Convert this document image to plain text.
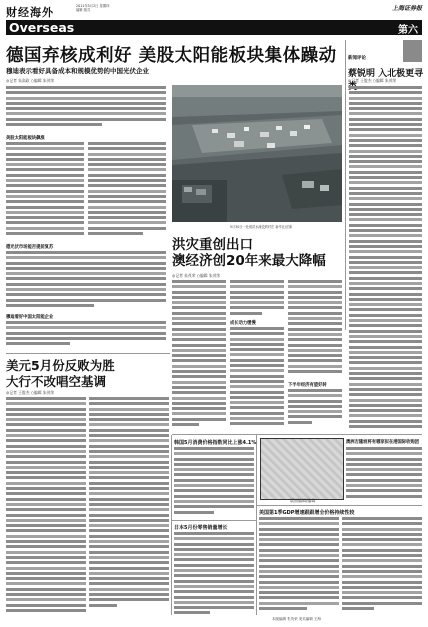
财经海外	2011年5月2日 星期四
编辑 版式	上海证券报
Overseas	第六
德国弃核成利好 美股太阳能板块集体躁动
穆迪表示看好具备成本和规模优势的中国光伏企业
◎记者 朱高政 ○编辑 朱茂荣
美股太阳能板块飙涨
德光伏市场能否提前复苏
穆迪看好中国太阳能企业
5月30日一处被洪水淹没的村庄 新华社/法新
洪灾重创出口
澳经济创20年来最大降幅
◎记者 朱茂荣 ○编辑 朱茂荣
成长动力缓慢
下半年经济有望好转
新闻评论
蔡锐明 入北极更寻
◎记者 王俊杰 ○编辑 朱茂荣
美元5月份反败为胜
大行不改唱空基调
◎记者 王俊杰 ○编辑 朱茂荣
韩国5月消费价格指数同比上涨4.1%
日本5月份零售销量增长
澳洲吉隆坡将有哪家拟在港国际收购团
版面编辑/编辑
美国第1季GDP增速跟跟增全价格持续性较
本版编辑 朱茂荣 美术编辑 王海
